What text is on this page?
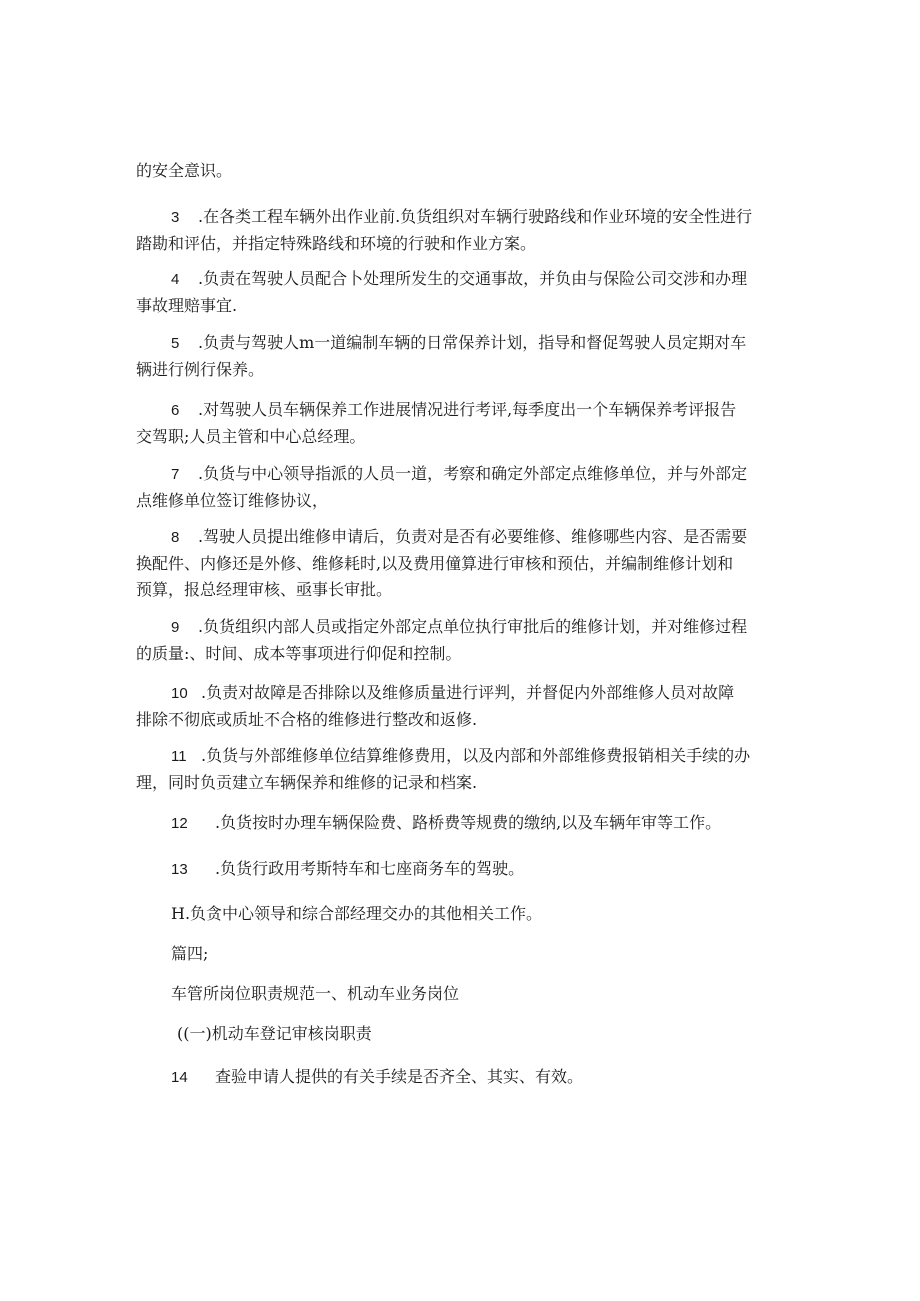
的安全意识。

3 .在各类工程车辆外出作业前.负货组织对车辆行驶路线和作业环境的安全性进行
踏勘和评估，并指定特殊路线和环境的行驶和作业方案。

4 .负责在驾驶人员配合卜处理所发生的交通事故，并负由与保险公司交涉和办理
事故理赔事宜.

5 .负责与驾驶人m一道编制车辆的日常保养计划，指导和督促驾驶人员定期对车
辆进行例行保养。

6 .对驾驶人员车辆保养工作进展情况进行考评,每季度出一个车辆保养考评报告
交驾职;人员主管和中心总经理。

7 .负货与中心领导指派的人员一道，考察和确定外部定点维修单位，并与外部定
点维修单位签订维修协议，

8 .驾驶人员提出维修申请后，负责对是否有必要维修、维修哪些内容、是否需要
换配件、内修还是外修、维修耗时,以及费用僮算进行审核和预估，并编制维修计划和
预算，报总经理审核、亟事长审批。

9 .负货组织内部人员或指定外部定点单位执行审批后的维修计划，并对维修过程
的质量:、时间、成本等事项进行仰促和控制。

10 .负责对故障是否排除以及维修质量进行评判，并督促内外部维修人员对故障
排除不彻底或质址不合格的维修进行整改和返修.

11 .负货与外部维修单位结算维修费用，以及内部和外部维修费报销相关手续的办
理，同时负贡建立车辆保养和维修的记录和档案.

12 .负货按时办理车辆保险费、路桥费等规费的缴纳,以及车辆年审等工作。

13 .负货行政用考斯特车和七座商务车的驾驶。

H.负贪中心领导和综合部经理交办的其他相关工作。

篇四;

车管所岗位职责规范一、机动车业务岗位

((一)机动车登记审核岗职责

14 查验申请人提供的有关手续是否齐全、其实、有效。
